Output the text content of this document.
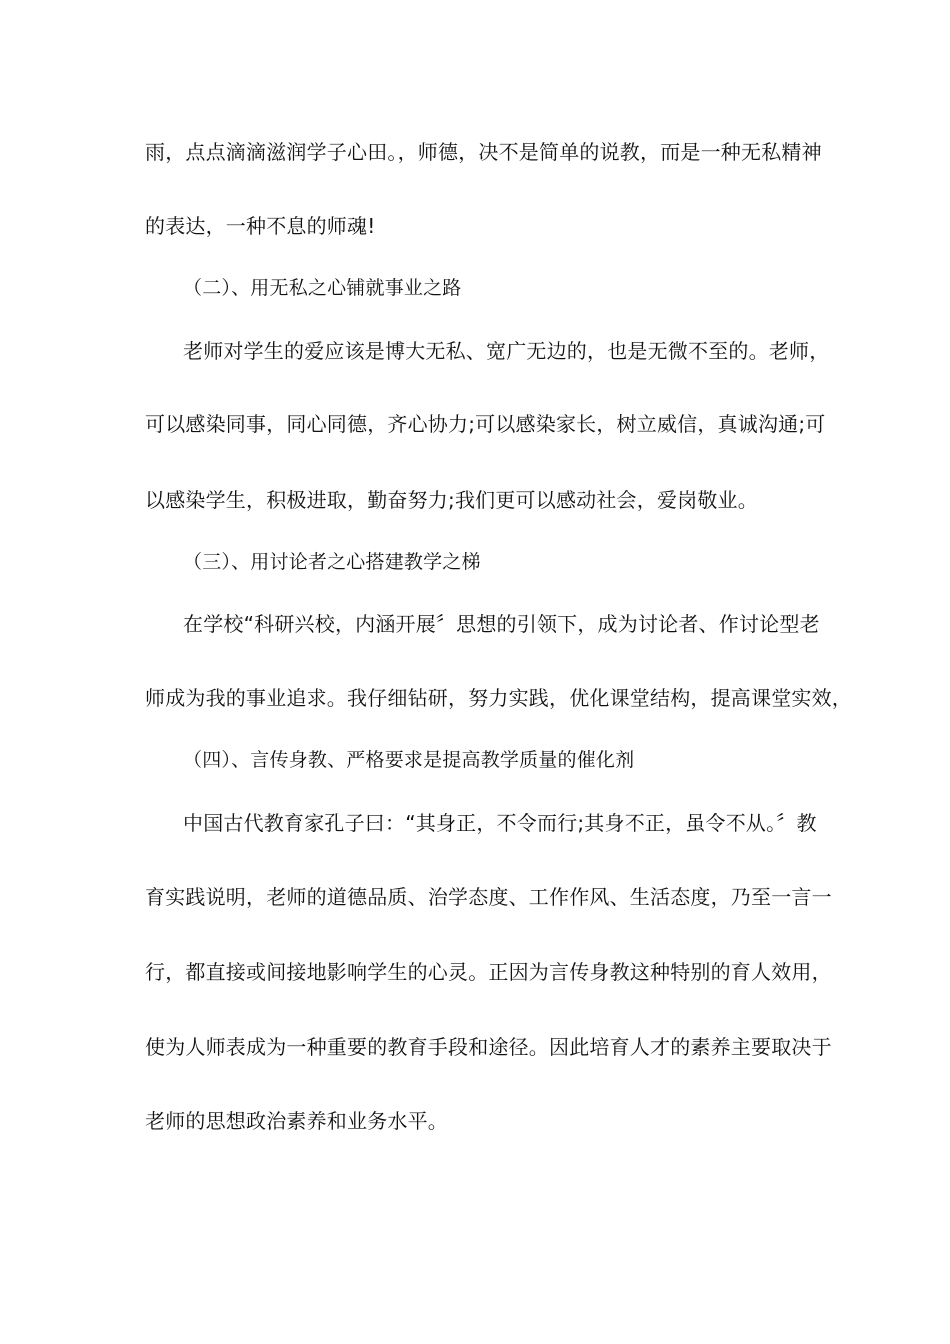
雨，点点滴滴滋润学子心田。，师德，决不是简单的说教，而是一种无私精神
的表达，一种不息的师魂!
（二）、用无私之心铺就事业之路
老师对学生的爱应该是博大无私、宽广无边的，也是无微不至的。老师，
可以感染同事，同心同德，齐心协力;可以感染家长，树立威信，真诚沟通;可
以感染学生，积极进取，勤奋努力;我们更可以感动社会，爱岗敬业。
（三）、用讨论者之心搭建教学之梯
在学校“科研兴校，内涵开展〞思想的引领下，成为讨论者、作讨论型老
师成为我的事业追求。我仔细钻研，努力实践，优化课堂结构，提高课堂实效，
（四）、言传身教、严格要求是提高教学质量的催化剂
中国古代教育家孔子曰：“其身正，不令而行;其身不正，虽令不从。〞教
育实践说明，老师的道德品质、治学态度、工作作风、生活态度，乃至一言一
行，都直接或间接地影响学生的心灵。正因为言传身教这种特别的育人效用，
使为人师表成为一种重要的教育手段和途径。因此培育人才的素养主要取决于
老师的思想政治素养和业务水平。
